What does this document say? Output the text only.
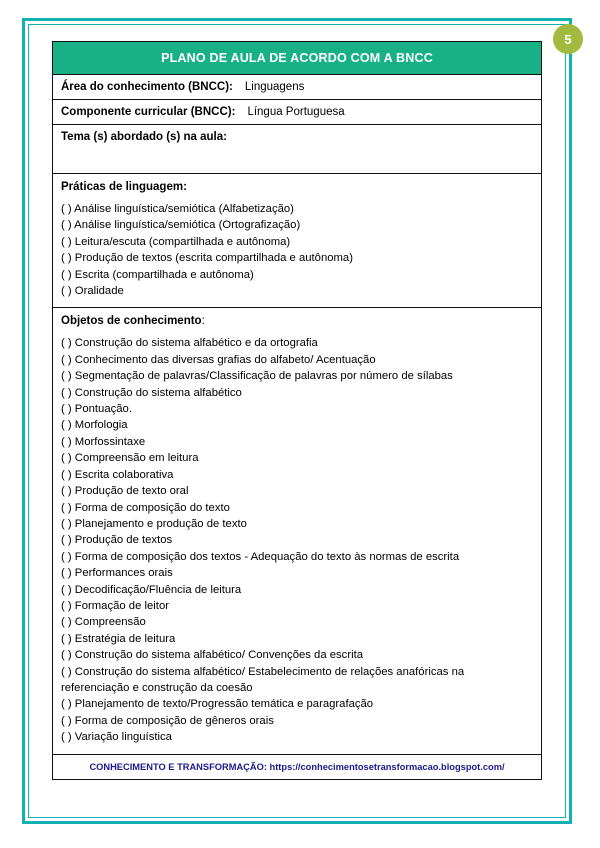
5
PLANO DE AULA DE ACORDO COM A BNCC
Área do conhecimento (BNCC): Linguagens
Componente curricular (BNCC): Língua Portuguesa
Tema (s) abordado (s) na aula:
Práticas de linguagem:
( ) Análise linguística/semiótica (Alfabetização)
( ) Análise linguística/semiótica (Ortografização)
( ) Leitura/escuta (compartilhada e autônoma)
( ) Produção de textos (escrita compartilhada e autônoma)
( ) Escrita (compartilhada e autônoma)
( ) Oralidade
Objetos de conhecimento:
( ) Construção do sistema alfabético e da ortografia
( ) Conhecimento das diversas grafias do alfabeto/ Acentuação
( ) Segmentação de palavras/Classificação de palavras por número de sílabas
( ) Construção do sistema alfabético
( ) Pontuação.
( ) Morfologia
( ) Morfossintaxe
( ) Compreensão em leitura
( ) Escrita colaborativa
( ) Produção de texto oral
( ) Forma de composição do texto
( ) Planejamento e produção de texto
( ) Produção de textos
( ) Forma de composição dos textos - Adequação do texto às normas de escrita
( ) Performances orais
( ) Decodificação/Fluência de leitura
( ) Formação de leitor
( ) Compreensão
( ) Estratégia de leitura
( ) Construção do sistema alfabético/ Convenções da escrita
( ) Construção do sistema alfabético/ Estabelecimento de relações anafóricas na referenciação e construção da coesão
( ) Planejamento de texto/Progressão temática e paragrafação
( ) Forma de composição de gêneros orais
( ) Variação linguística
CONHECIMENTO E TRANSFORMAÇÃO: https://conhecimentosetransformacao.blogspot.com/
